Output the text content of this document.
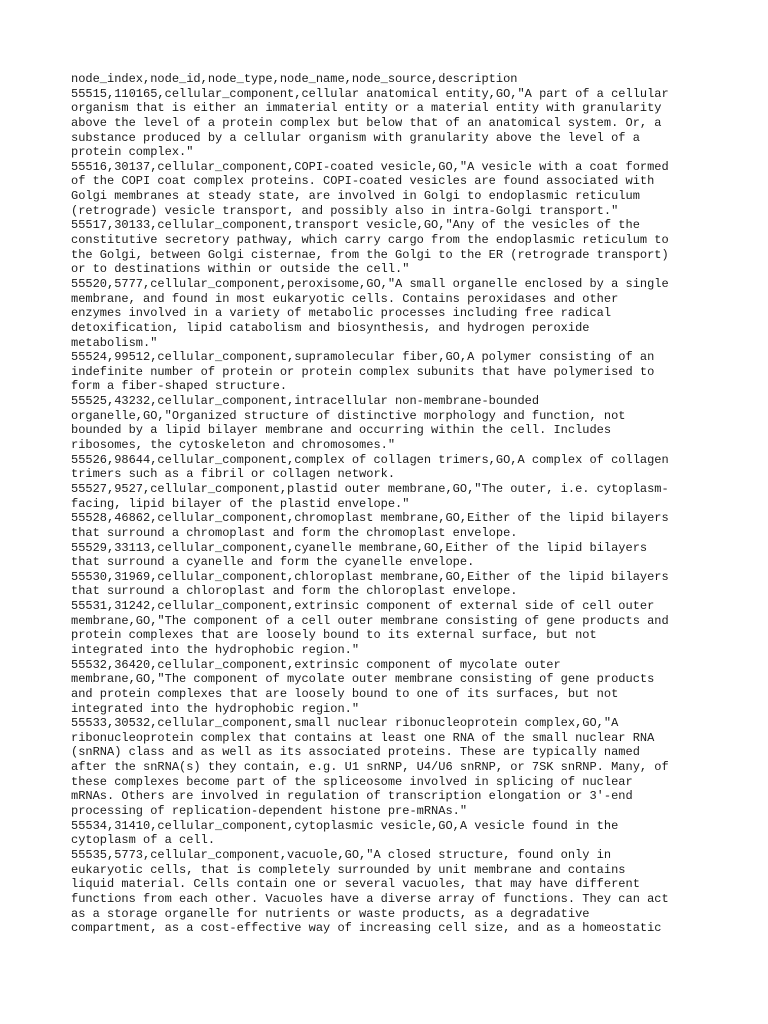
node_index,node_id,node_type,node_name,node_source,description
55515,110165,cellular_component,cellular anatomical entity,GO,"A part of a cellular
organism that is either an immaterial entity or a material entity with granularity
above the level of a protein complex but below that of an anatomical system. Or, a
substance produced by a cellular organism with granularity above the level of a
protein complex."
55516,30137,cellular_component,COPI-coated vesicle,GO,"A vesicle with a coat formed
of the COPI coat complex proteins. COPI-coated vesicles are found associated with
Golgi membranes at steady state, are involved in Golgi to endoplasmic reticulum
(retrograde) vesicle transport, and possibly also in intra-Golgi transport."
55517,30133,cellular_component,transport vesicle,GO,"Any of the vesicles of the
constitutive secretory pathway, which carry cargo from the endoplasmic reticulum to
the Golgi, between Golgi cisternae, from the Golgi to the ER (retrograde transport)
or to destinations within or outside the cell."
55520,5777,cellular_component,peroxisome,GO,"A small organelle enclosed by a single
membrane, and found in most eukaryotic cells. Contains peroxidases and other
enzymes involved in a variety of metabolic processes including free radical
detoxification, lipid catabolism and biosynthesis, and hydrogen peroxide
metabolism."
55524,99512,cellular_component,supramolecular fiber,GO,A polymer consisting of an
indefinite number of protein or protein complex subunits that have polymerised to
form a fiber-shaped structure.
55525,43232,cellular_component,intracellular non-membrane-bounded
organelle,GO,"Organized structure of distinctive morphology and function, not
bounded by a lipid bilayer membrane and occurring within the cell. Includes
ribosomes, the cytoskeleton and chromosomes."
55526,98644,cellular_component,complex of collagen trimers,GO,A complex of collagen
trimers such as a fibril or collagen network.
55527,9527,cellular_component,plastid outer membrane,GO,"The outer, i.e. cytoplasm-
facing, lipid bilayer of the plastid envelope."
55528,46862,cellular_component,chromoplast membrane,GO,Either of the lipid bilayers
that surround a chromoplast and form the chromoplast envelope.
55529,33113,cellular_component,cyanelle membrane,GO,Either of the lipid bilayers
that surround a cyanelle and form the cyanelle envelope.
55530,31969,cellular_component,chloroplast membrane,GO,Either of the lipid bilayers
that surround a chloroplast and form the chloroplast envelope.
55531,31242,cellular_component,extrinsic component of external side of cell outer
membrane,GO,"The component of a cell outer membrane consisting of gene products and
protein complexes that are loosely bound to its external surface, but not
integrated into the hydrophobic region."
55532,36420,cellular_component,extrinsic component of mycolate outer
membrane,GO,"The component of mycolate outer membrane consisting of gene products
and protein complexes that are loosely bound to one of its surfaces, but not
integrated into the hydrophobic region."
55533,30532,cellular_component,small nuclear ribonucleoprotein complex,GO,"A
ribonucleoprotein complex that contains at least one RNA of the small nuclear RNA
(snRNA) class and as well as its associated proteins. These are typically named
after the snRNA(s) they contain, e.g. U1 snRNP, U4/U6 snRNP, or 7SK snRNP. Many, of
these complexes become part of the spliceosome involved in splicing of nuclear
mRNAs. Others are involved in regulation of transcription elongation or 3'-end
processing of replication-dependent histone pre-mRNAs."
55534,31410,cellular_component,cytoplasmic vesicle,GO,A vesicle found in the
cytoplasm of a cell.
55535,5773,cellular_component,vacuole,GO,"A closed structure, found only in
eukaryotic cells, that is completely surrounded by unit membrane and contains
liquid material. Cells contain one or several vacuoles, that may have different
functions from each other. Vacuoles have a diverse array of functions. They can act
as a storage organelle for nutrients or waste products, as a degradative
compartment, as a cost-effective way of increasing cell size, and as a homeostatic
